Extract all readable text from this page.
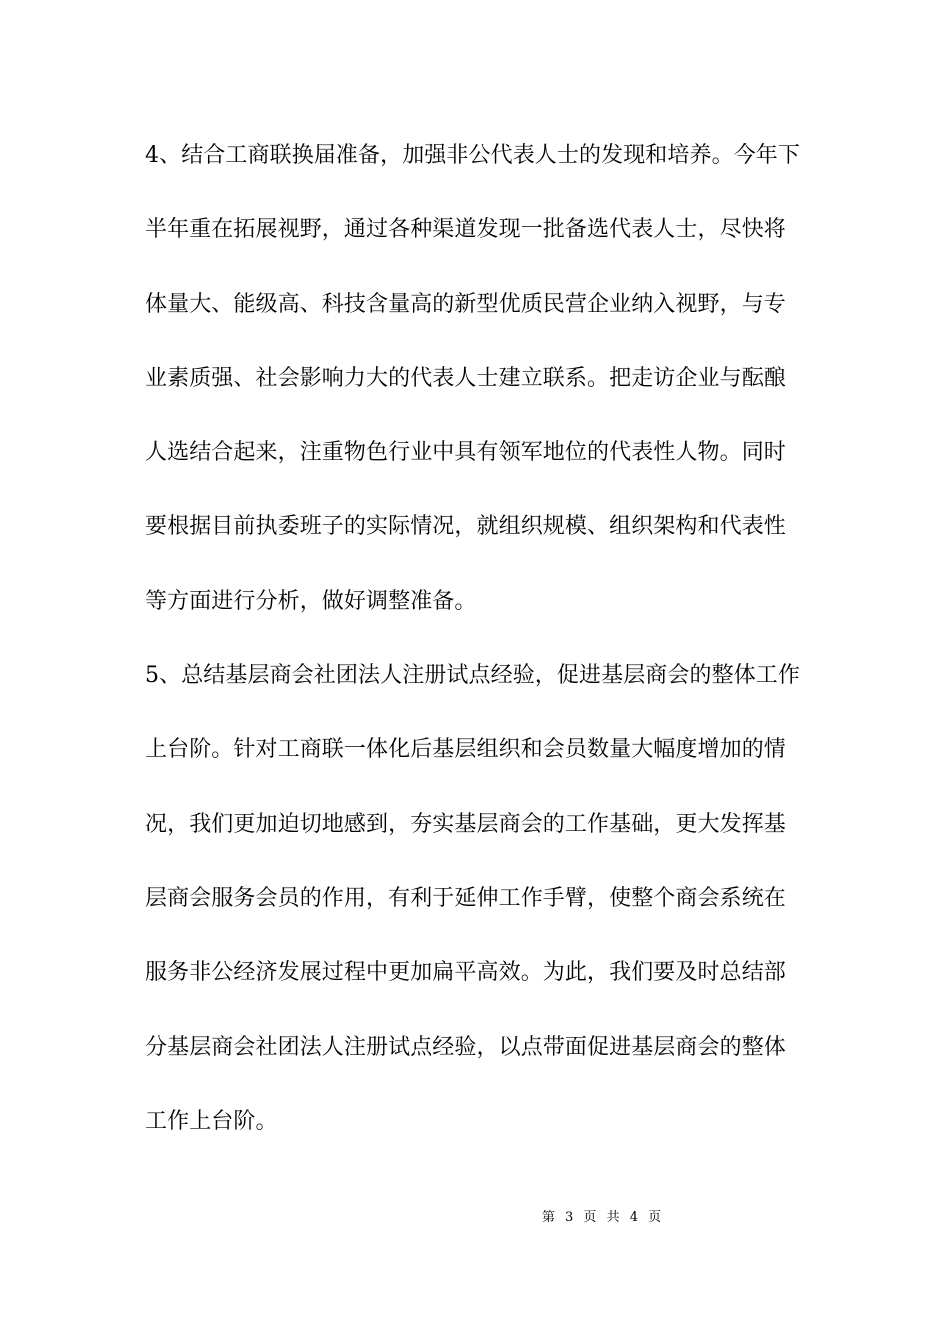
4、结合工商联换届准备，加强非公代表人士的发现和培养。今年下
半年重在拓展视野，通过各种渠道发现一批备选代表人士，尽快将
体量大、能级高、科技含量高的新型优质民营企业纳入视野，与专
业素质强、社会影响力大的代表人士建立联系。把走访企业与酝酿
人选结合起来，注重物色行业中具有领军地位的代表性人物。同时
要根据目前执委班子的实际情况，就组织规模、组织架构和代表性
等方面进行分析，做好调整准备。
5、总结基层商会社团法人注册试点经验，促进基层商会的整体工作
上台阶。针对工商联一体化后基层组织和会员数量大幅度增加的情
况，我们更加迫切地感到，夯实基层商会的工作基础，更大发挥基
层商会服务会员的作用，有利于延伸工作手臂，使整个商会系统在
服务非公经济发展过程中更加扁平高效。为此，我们要及时总结部
分基层商会社团法人注册试点经验，以点带面促进基层商会的整体
工作上台阶。
第 3 页 共 4 页
